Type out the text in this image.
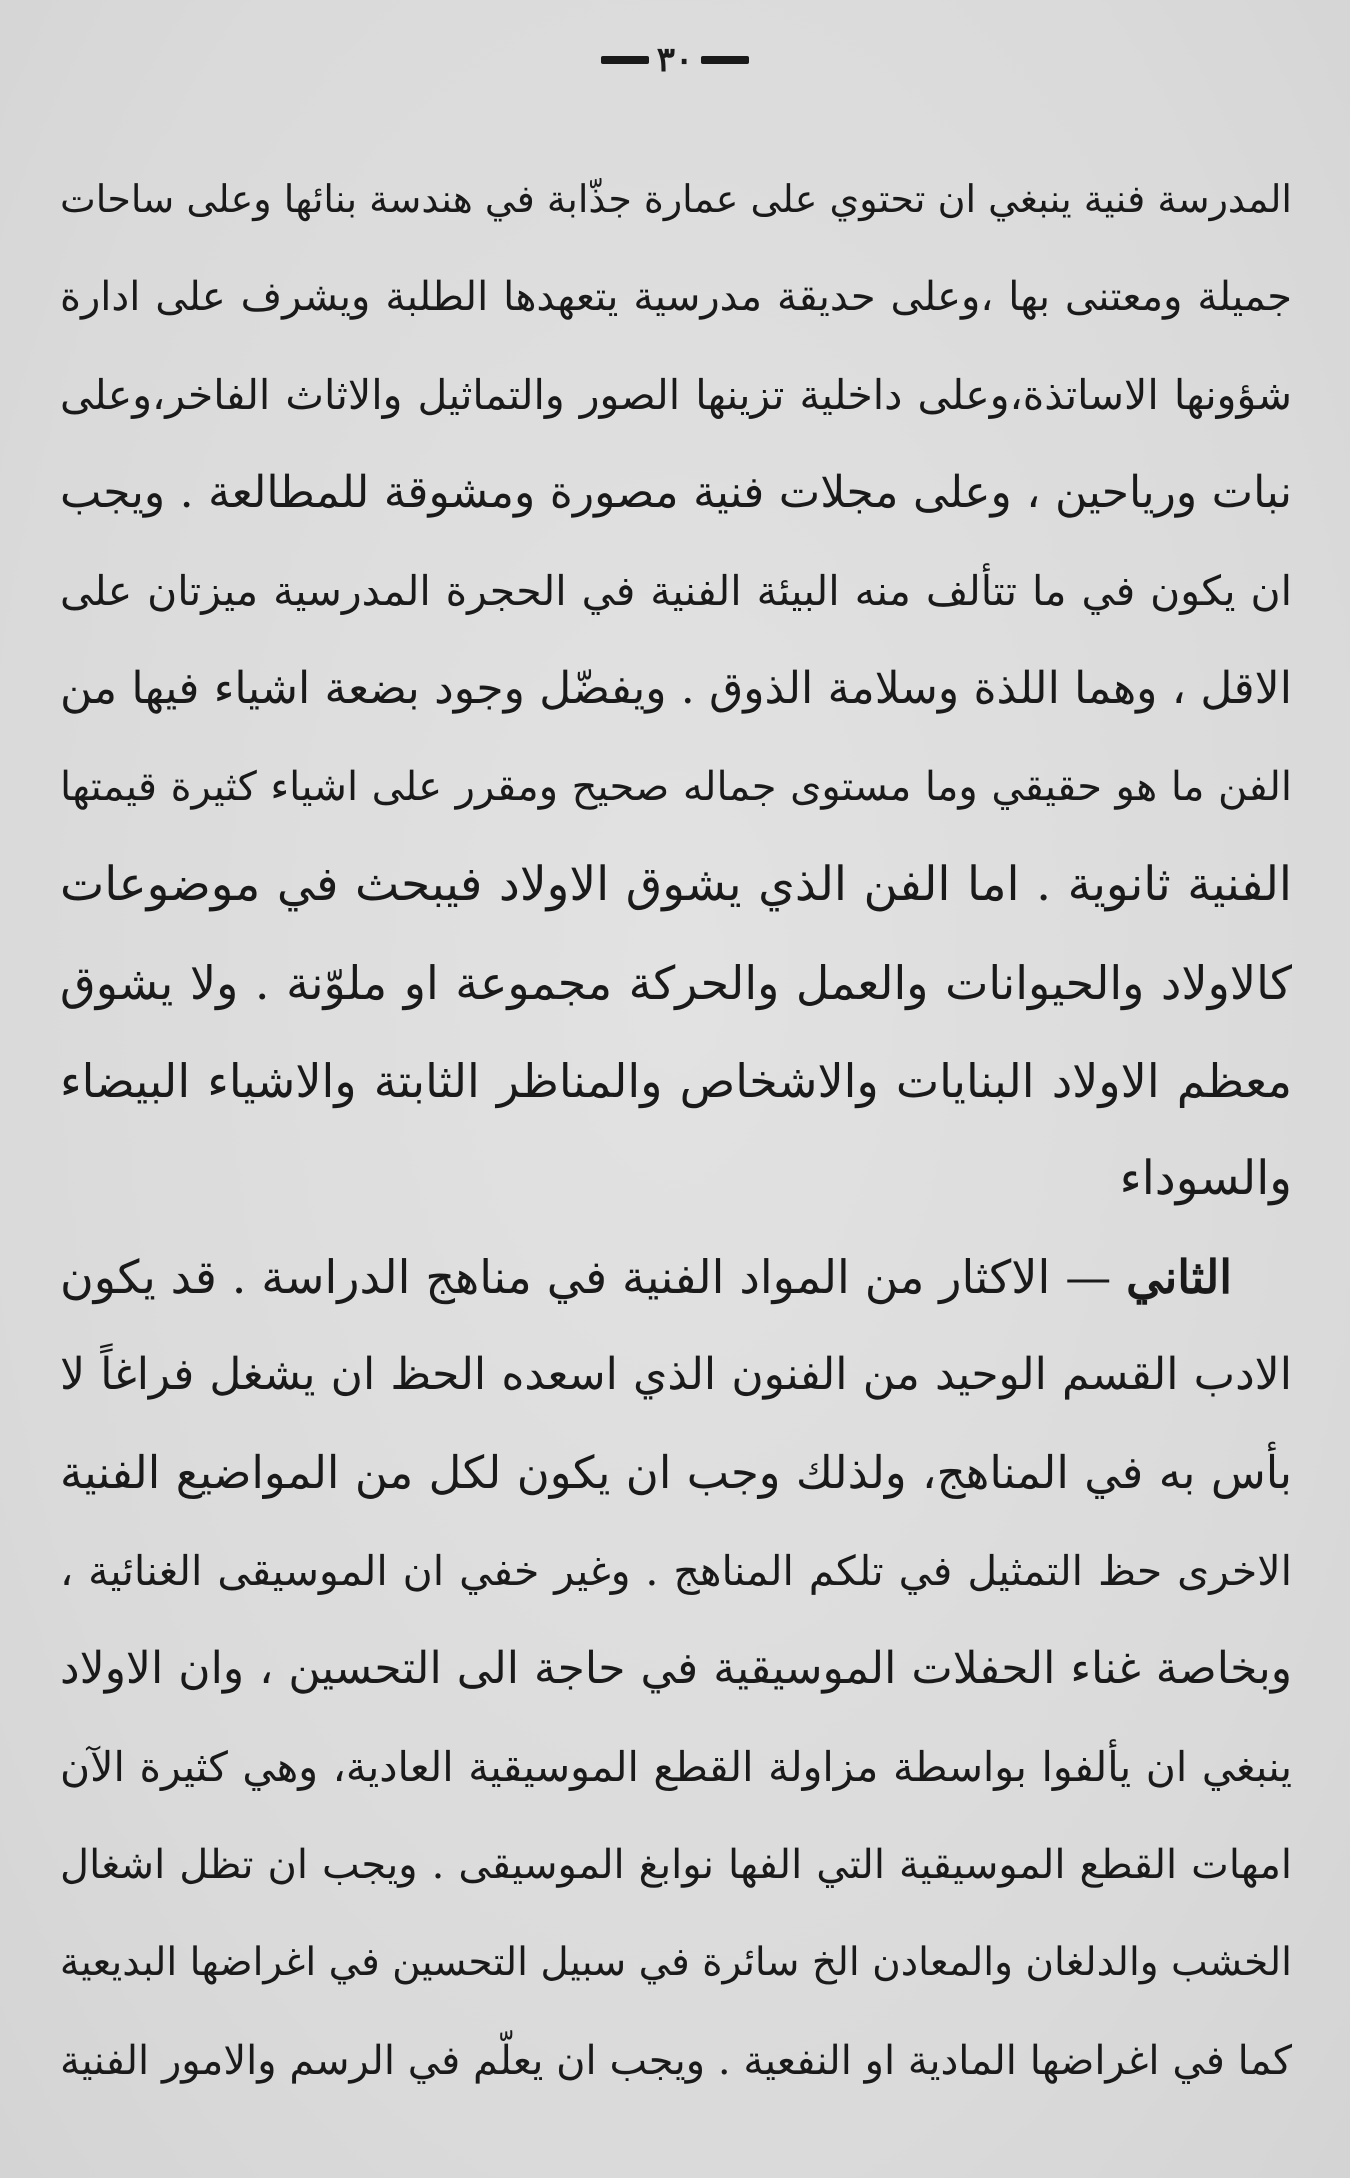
٣٠
المدرسة فنية ينبغي ان تحتوي على عمارة جذّابة في هندسة بنائها وعلى ساحات
جميلة ومعتنى بها ،وعلى حديقة مدرسية يتعهدها الطلبة ويشرف على ادارة
شؤونها الاساتذة،وعلى داخلية تزينها الصور والتماثيل والاثاث الفاخر،وعلى
نبات ورياحين ، وعلى مجلات فنية مصورة ومشوقة للمطالعة . ويجب
ان يكون في ما تتألف منه البيئة الفنية في الحجرة المدرسية ميزتان على
الاقل ، وهما اللذة وسلامة الذوق . ويفضّل وجود بضعة اشياء فيها من
الفن ما هو حقيقي وما مستوى جماله صحيح ومقرر على اشياء كثيرة قيمتها
الفنية ثانوية . اما الفن الذي يشوق الاولاد فيبحث في موضوعات
كالاولاد والحيوانات والعمل والحركة مجموعة او ملوّنة . ولا يشوق
معظم الاولاد البنايات والاشخاص والمناظر الثابتة والاشياء البيضاء
والسوداء
الثاني — الاكثار من المواد الفنية في مناهج الدراسة . قد يكون
الادب القسم الوحيد من الفنون الذي اسعده الحظ ان يشغل فراغاً لا
بأس به في المناهج، ولذلك وجب ان يكون لكل من المواضيع الفنية
الاخرى حظ التمثيل في تلكم المناهج . وغير خفي ان الموسيقى الغنائية ،
وبخاصة غناء الحفلات الموسيقية في حاجة الى التحسين ، وان الاولاد
ينبغي ان يألفوا بواسطة مزاولة القطع الموسيقية العادية، وهي كثيرة الآن
امهات القطع الموسيقية التي الفها نوابغ الموسيقى . ويجب ان تظل اشغال
الخشب والدلغان والمعادن الخ سائرة في سبيل التحسين في اغراضها البديعية
كما في اغراضها المادية او النفعية . ويجب ان يعلّم في الرسم والامور الفنية
